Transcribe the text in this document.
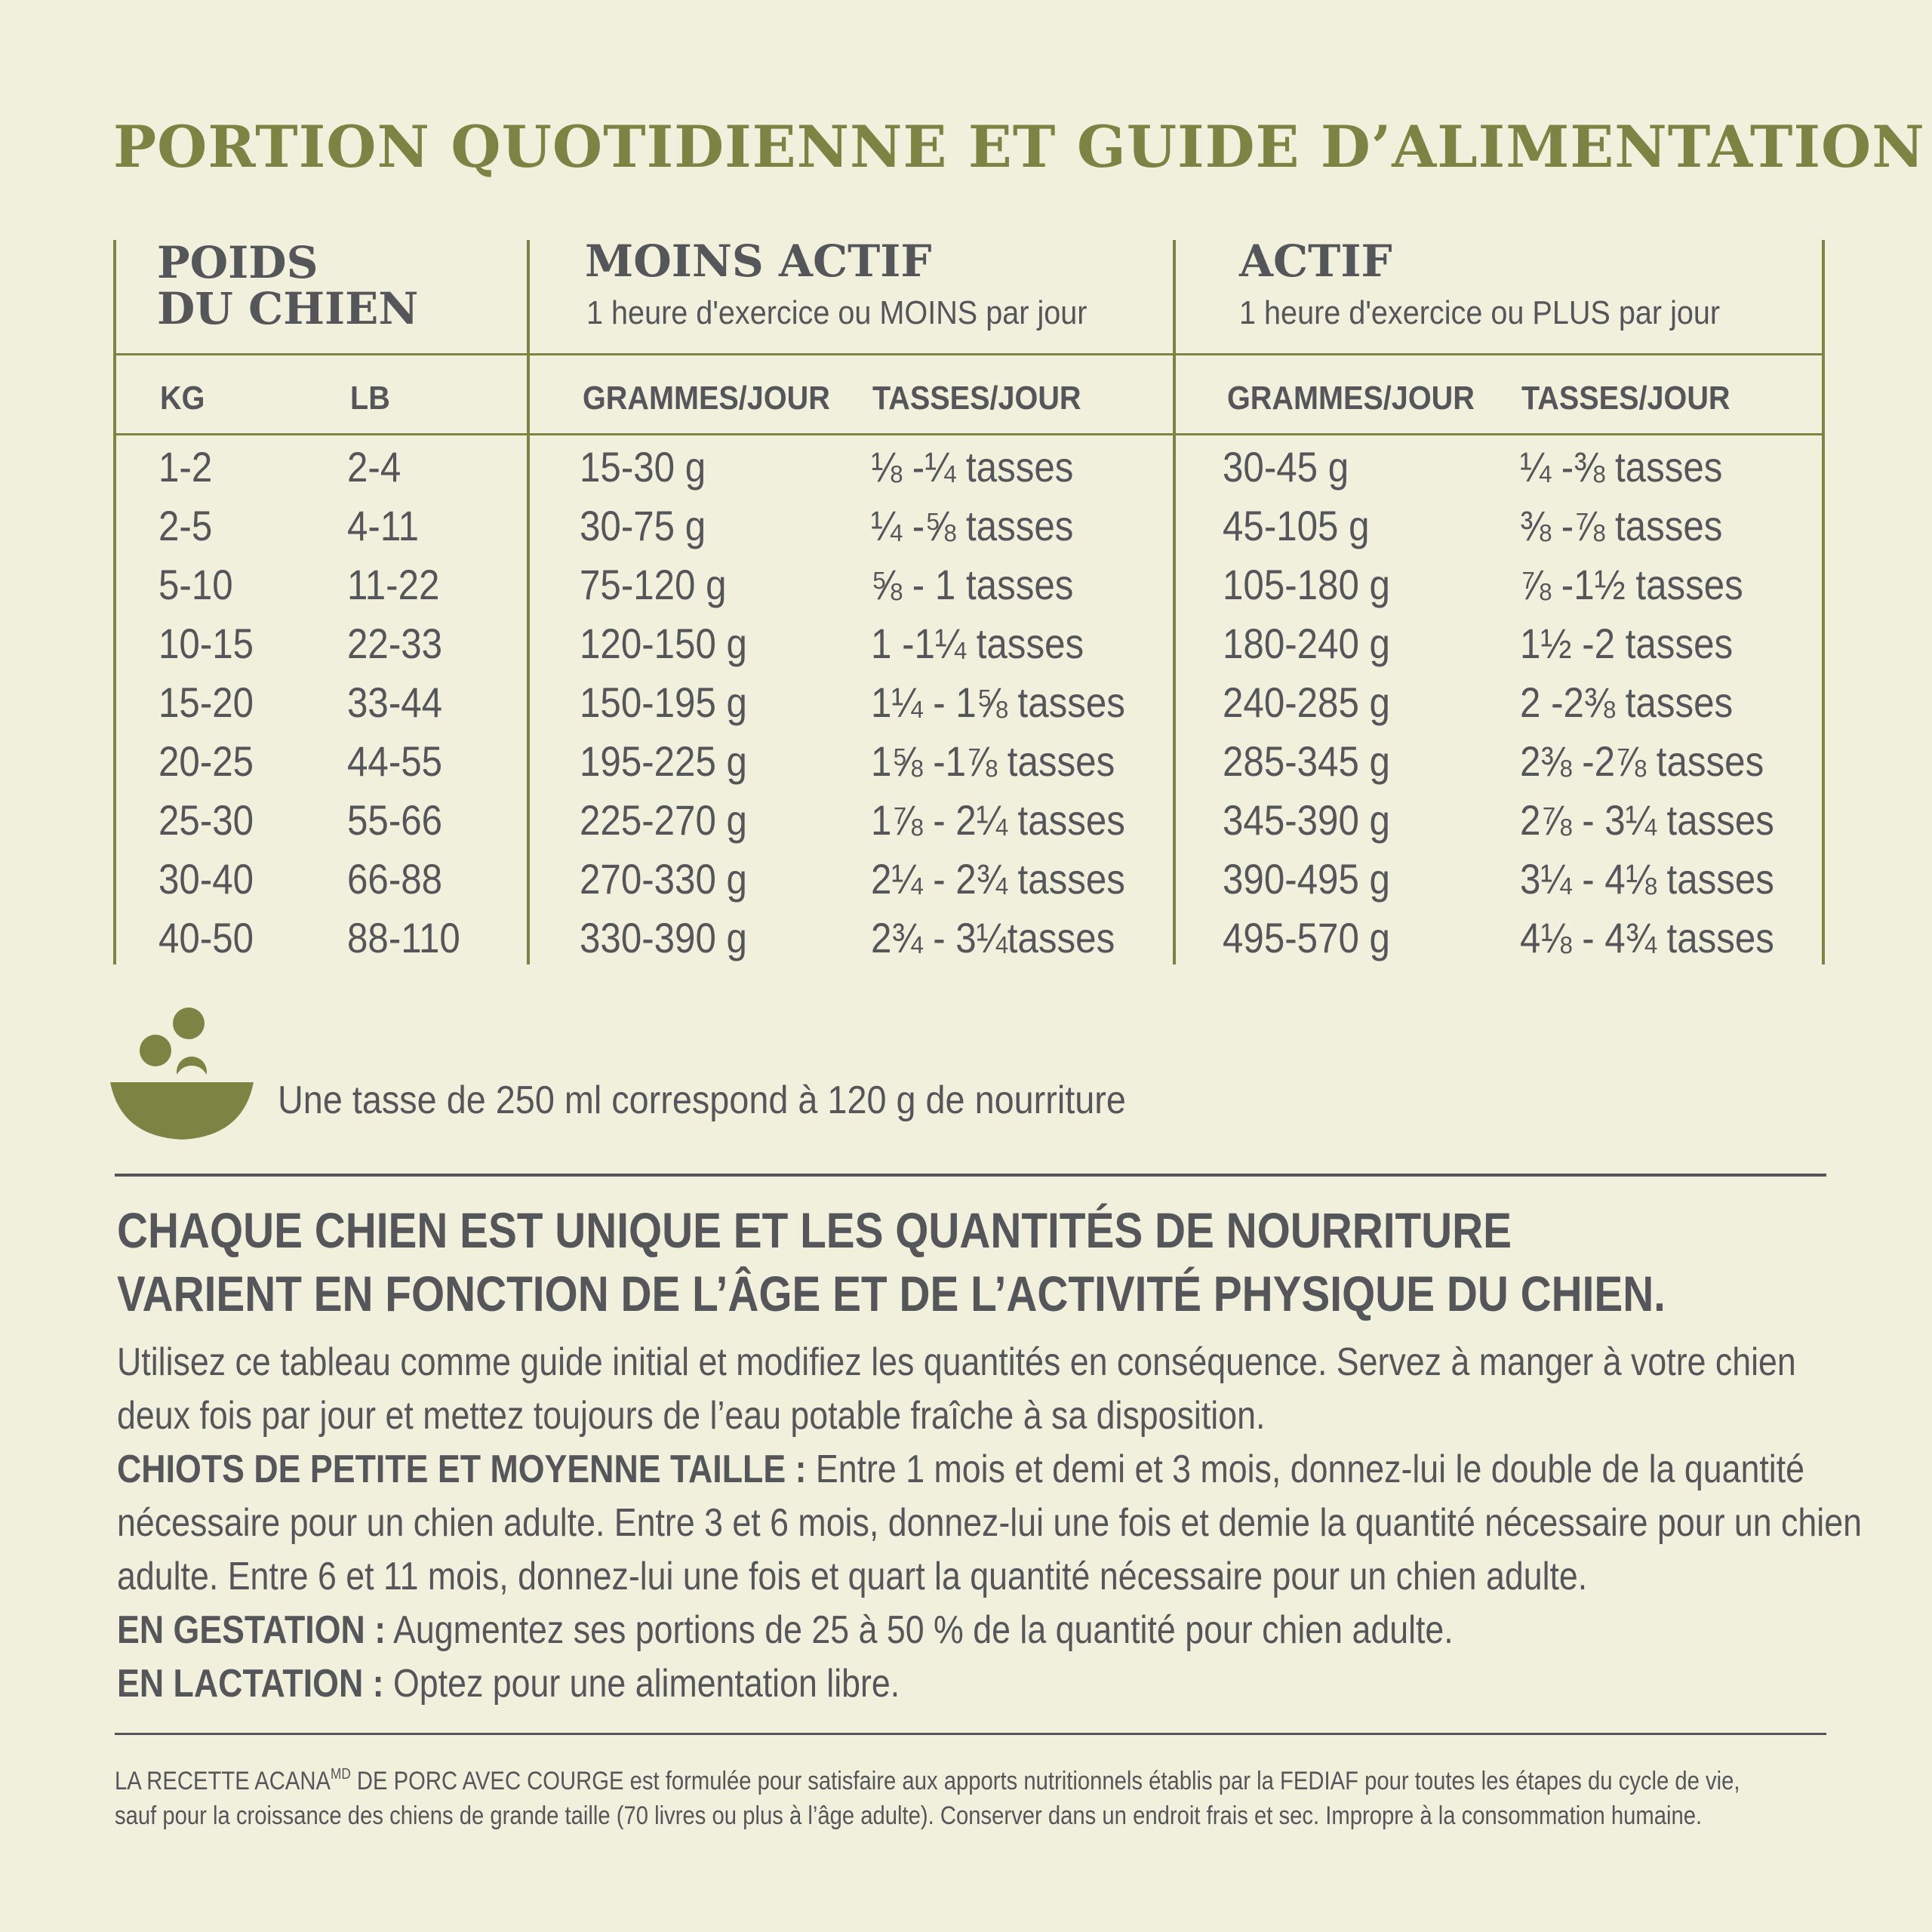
PORTION QUOTIDIENNE ET GUIDE D’ALIMENTATION
POIDS
DU CHIEN
MOINS ACTIF
1 heure d'exercice ou MOINS par jour
ACTIF
1 heure d'exercice ou PLUS par jour
KG	LB	GRAMMES/JOUR TASSES/JOUR	GRAMMES/JOUR TASSES/JOUR
1-2	2-4	15-30 g	⅛ -¼ tasses	30-45 g	¼ -⅜ tasses
2-5	4-11	30-75 g	¼ -⅝ tasses	45-105 g	⅜ -⅞ tasses
5-10	11-22	75-120 g	⅝ - 1 tasses	105-180 g	⅞ -1½ tasses
10-15 22-33	120-150 g	1 -1¼ tasses	180-240 g	1½ -2 tasses
15-20 33-44	150-195 g	1¼ - 1⅝ tasses 240-285 g	2 -2⅜ tasses
20-25 44-55	195-225 g	1⅝ -1⅞ tasses	285-345 g	2⅜ -2⅞ tasses
25-30 55-66	225-270 g	1⅞ - 2¼ tasses 345-390 g	2⅞ - 3¼ tasses
30-40 66-88	270-330 g	2¼ - 2¾ tasses 390-495 g	3¼ - 4⅛ tasses
40-50 88-110	330-390 g	2¾ - 3¼tasses	495-570 g	4⅛ - 4¾ tasses
Une tasse de 250 ml correspond à 120 g de nourriture
CHAQUE CHIEN EST UNIQUE ET LES QUANTITÉS DE NOURRITURE
VARIENT EN FONCTION DE L’ÂGE ET DE L’ACTIVITÉ PHYSIQUE DU CHIEN.

Utilisez ce tableau comme guide initial et modifiez les quantités en conséquence. Servez à manger à votre chien

deux fois par jour et mettez toujours de l’eau potable fraîche à sa disposition.

CHIOTS DE PETITE ET MOYENNE TAILLE : Entre 1 mois et demi et 3 mois, donnez-lui le double de la quantité

nécessaire pour un chien adulte. Entre 3 et 6 mois, donnez-lui une fois et demie la quantité nécessaire pour un chien

adulte. Entre 6 et 11 mois, donnez-lui une fois et quart la quantité nécessaire pour un chien adulte.

EN GESTATION : Augmentez ses portions de 25 à 50 % de la quantité pour chien adulte.

EN LACTATION : Optez pour une alimentation libre.

LA RECETTE $ACANA^{MD}$ DE PORC AVEC COURGE est formulée pour satisfaire aux apports nutritionnels établis par la FEDIAF pour toutes les étapes du cycle de vie,
sauf pour la croissance des chiens de grande taille (70 livres ou plus à l’âge adulte). Conserver dans un endroit frais et sec. Impropre à la consommation humaine.
